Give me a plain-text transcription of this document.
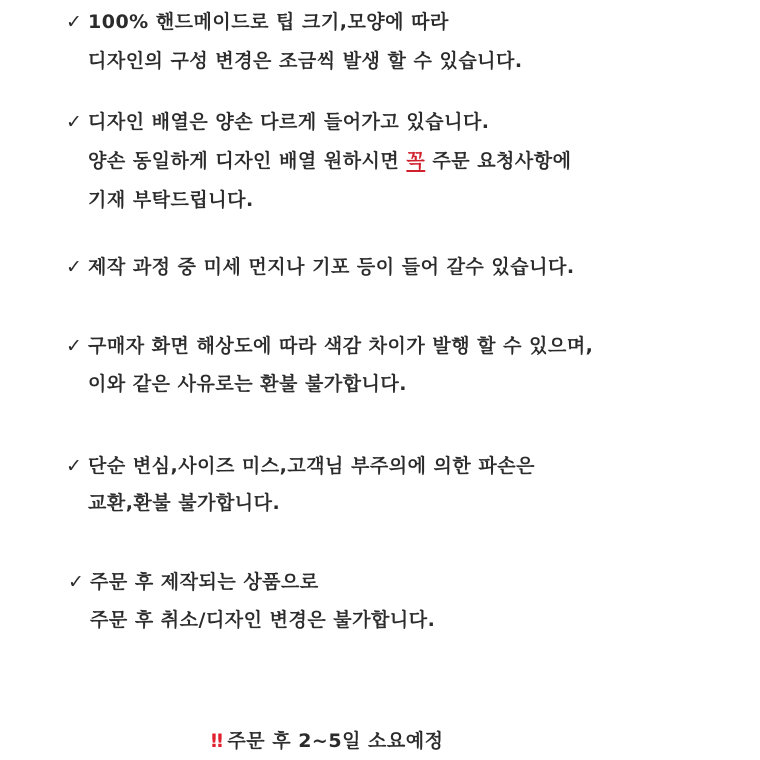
✓ 100% 핸드메이드로 팁 크기,모양에 따라
디자인의 구성 변경은 조금씩 발생 할 수 있습니다.
✓ 디자인 배열은 양손 다르게 들어가고 있습니다.
양손 동일하게 디자인 배열 원하시면 꼭 주문 요청사항에
기재 부탁드립니다.
✓ 제작 과정 중 미세 먼지나 기포 등이 들어 갈수 있습니다.
✓ 구매자 화면 해상도에 따라 색감 차이가 발행 할 수 있으며,
이와 같은 사유로는 환불 불가합니다.
✓ 단순 변심,사이즈 미스,고객님 부주의에 의한 파손은
교환,환불 불가합니다.
✓ 주문 후 제작되는 상품으로
주문 후 취소/디자인 변경은 불가합니다.
‼ 주문 후 2~5일 소요예정
